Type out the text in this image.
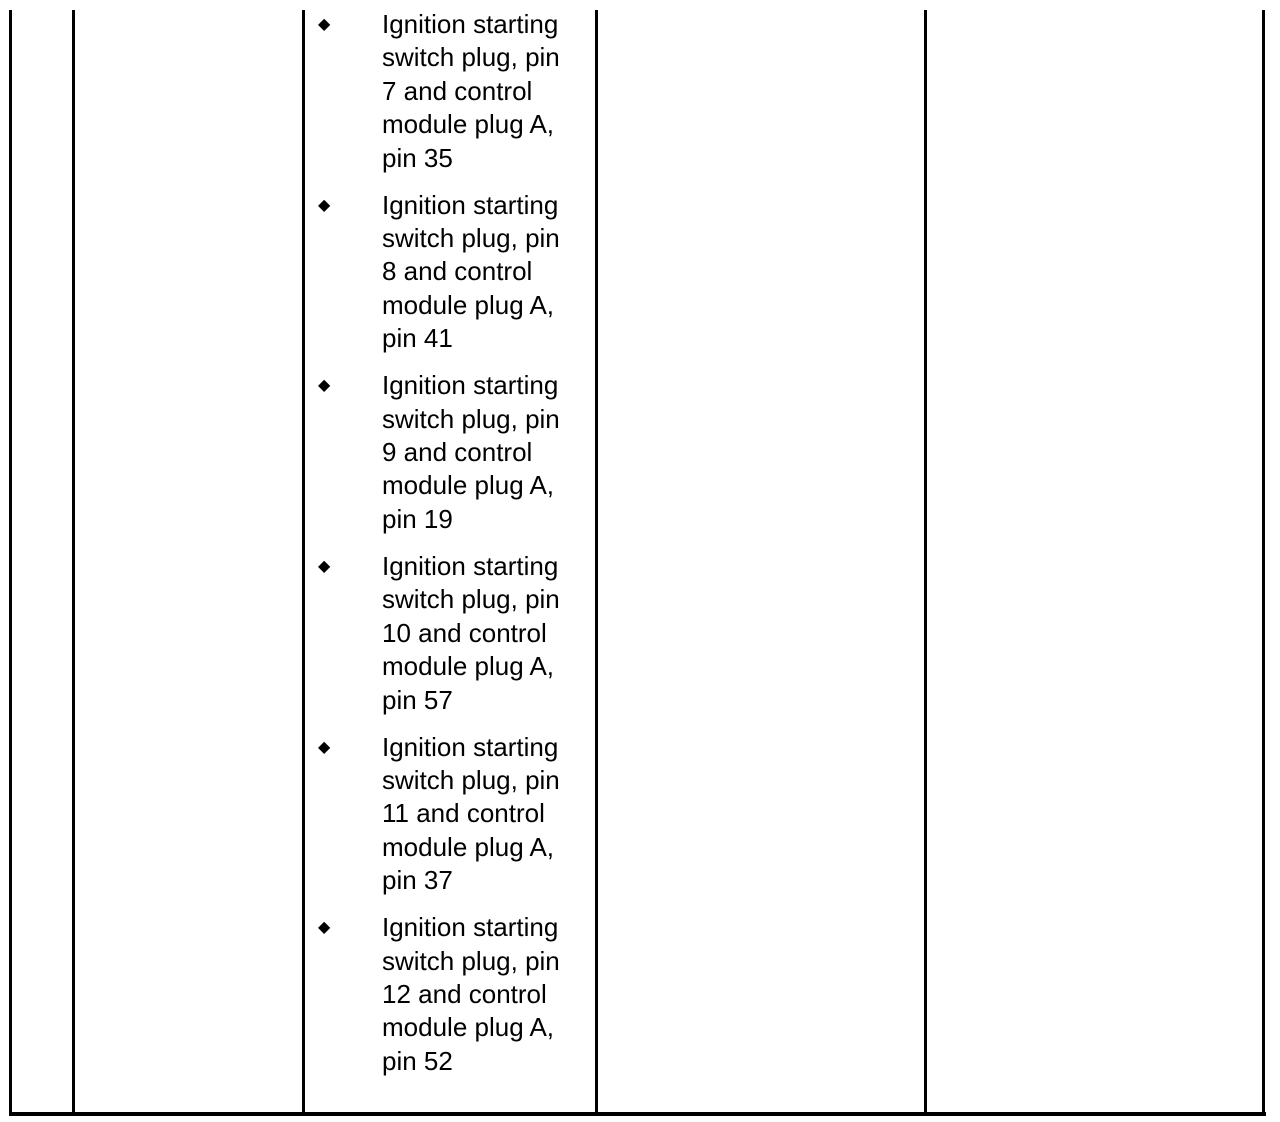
◆ Ignition starting
switch plug, pin
7 and control
module plug A,
pin 35
◆ Ignition starting
switch plug, pin
8 and control
module plug A,
pin 41
◆ Ignition starting
switch plug, pin
9 and control
module plug A,
pin 19
◆ Ignition starting
switch plug, pin
10 and control
module plug A,
pin 57
◆ Ignition starting
switch plug, pin
11 and control
module plug A,
pin 37
◆ Ignition starting
switch plug, pin
12 and control
module plug A,
pin 52
